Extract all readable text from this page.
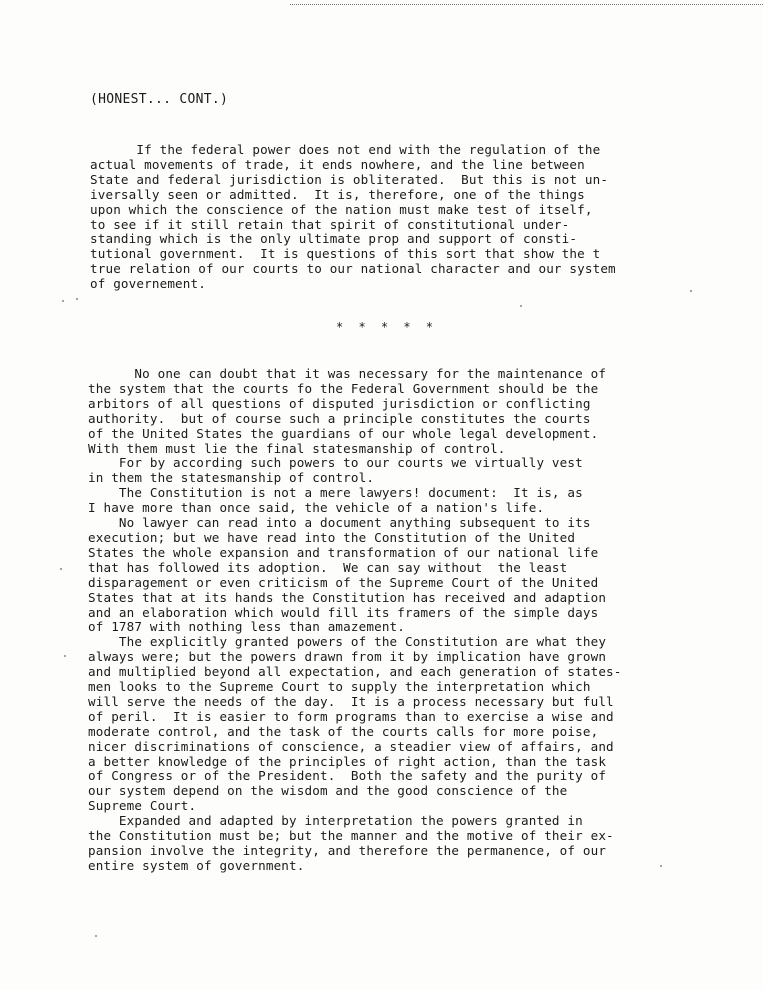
(HONEST... CONT.)
If the federal power does not end with the regulation of the
actual movements of trade, it ends nowhere, and the line between
State and federal jurisdiction is obliterated.  But this is not un-
iversally seen or admitted.  It is, therefore, one of the things
upon which the conscience of the nation must make test of itself,
to see if it still retain that spirit of constitutional under-
standing which is the only ultimate prop and support of consti-
tutional government.  It is questions of this sort that show the t
true relation of our courts to our national character and our system
of governement.
* * * * *
No one can doubt that it was necessary for the maintenance of
the system that the courts fo the Federal Government should be the
arbitors of all questions of disputed jurisdiction or conflicting
authority.  but of course such a principle constitutes the courts
of the United States the guardians of our whole legal development.
With them must lie the final statesmanship of control.
For by according such powers to our courts we virtually vest
in them the statesmanship of control.
The Constitution is not a mere lawyers! document:  It is, as
I have more than once said, the vehicle of a nation's life.
No lawyer can read into a document anything subsequent to its
execution; but we have read into the Constitution of the United
States the whole expansion and transformation of our national life
that has followed its adoption.  We can say without  the least
disparagement or even criticism of the Supreme Court of the United
States that at its hands the Constitution has received and adaption
and an elaboration which would fill its framers of the simple days
of 1787 with nothing less than amazement.
The explicitly granted powers of the Constitution are what they
always were; but the powers drawn from it by implication have grown
and multiplied beyond all expectation, and each generation of states-
men looks to the Supreme Court to supply the interpretation which
will serve the needs of the day.  It is a process necessary but full
of peril.  It is easier to form programs than to exercise a wise and
moderate control, and the task of the courts calls for more poise,
nicer discriminations of conscience, a steadier view of affairs, and
a better knowledge of the principles of right action, than the task
of Congress or of the President.  Both the safety and the purity of
our system depend on the wisdom and the good conscience of the
Supreme Court.
Expanded and adapted by interpretation the powers granted in
the Constitution must be; but the manner and the motive of their ex-
pansion involve the integrity, and therefore the permanence, of our
entire system of government.
